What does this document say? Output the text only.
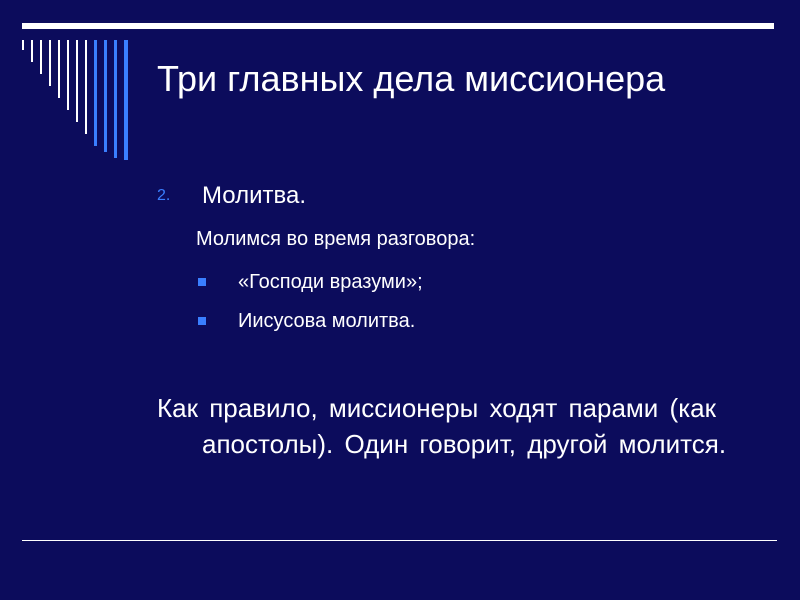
Три главных дела миссионера
2. Молитва.
Молимся во время разговора:
«Господи вразуми»;
Иисусова молитва.
Как правило, миссионеры ходят парами (как апостолы). Один говорит, другой молится.
